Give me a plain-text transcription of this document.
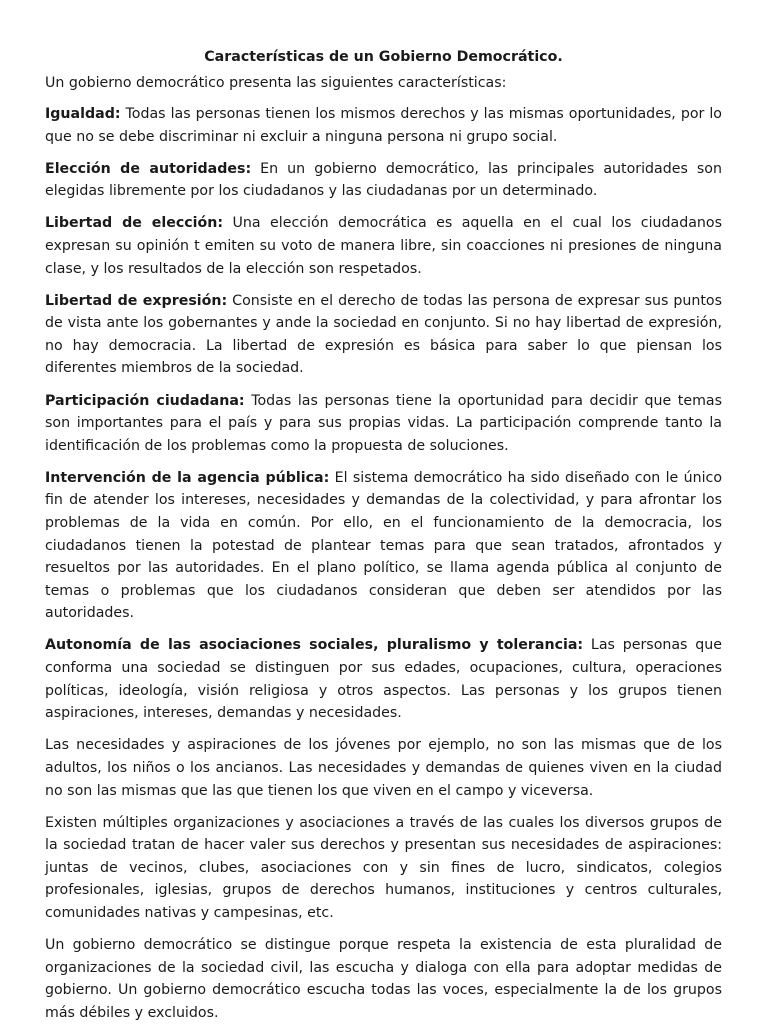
Características de un Gobierno Democrático.
Un gobierno democrático presenta las siguientes características:

Igualdad: Todas las personas tienen los mismos derechos y las mismas oportunidades, por lo que no se debe discriminar ni excluir a ninguna persona ni grupo social.

Elección de autoridades: En un gobierno democrático, las principales autoridades son elegidas libremente por los ciudadanos y las ciudadanas por un determinado.

Libertad de elección: Una elección democrática es aquella en el cual los ciudadanos expresan su opinión t emiten su voto de manera libre, sin coacciones ni presiones de ninguna clase, y los resultados de la elección son respetados.

Libertad de expresión: Consiste en el derecho de todas las persona de expresar sus puntos de vista ante los gobernantes y ande la sociedad en conjunto. Si no hay libertad de expresión, no hay democracia. La libertad de expresión es básica para saber lo que piensan los diferentes miembros de la sociedad.

Participación ciudadana: Todas las personas tiene la oportunidad para decidir que temas son importantes para el país y para sus propias vidas. La participación comprende tanto la identificación de los problemas como la propuesta de soluciones.

Intervención de la agencia pública: El sistema democrático ha sido diseñado con le único fin de atender los intereses, necesidades y demandas de la colectividad, y para afrontar los problemas de la vida en común. Por ello, en el funcionamiento de la democracia, los ciudadanos tienen la potestad de plantear temas para que sean tratados, afrontados y resueltos por las autoridades. En el plano político, se llama agenda pública al conjunto de temas o problemas que los ciudadanos consideran que deben ser atendidos por las autoridades.

Autonomía de las asociaciones sociales, pluralismo y tolerancia: Las personas que conforma una sociedad se distinguen por sus edades, ocupaciones, cultura, operaciones políticas, ideología, visión religiosa y otros aspectos. Las personas y los grupos tienen aspiraciones, intereses, demandas y necesidades.

Las necesidades y aspiraciones de los jóvenes por ejemplo, no son las mismas que de los adultos, los niños o los ancianos. Las necesidades y demandas de quienes viven en la ciudad no son las mismas que las que tienen los que viven en el campo y viceversa.

Existen múltiples organizaciones y asociaciones a través de las cuales los diversos grupos de la sociedad tratan de hacer valer sus derechos y presentan sus necesidades de aspiraciones: juntas de vecinos, clubes, asociaciones con y sin fines de lucro, sindicatos, colegios profesionales, iglesias, grupos de derechos humanos, instituciones y centros culturales, comunidades nativas y campesinas, etc.

Un gobierno democrático se distingue porque respeta la existencia de esta pluralidad de organizaciones de la sociedad civil, las escucha y dialoga con ella para adoptar medidas de gobierno. Un gobierno democrático escucha todas las voces, especialmente la de los grupos más débiles y excluidos.
